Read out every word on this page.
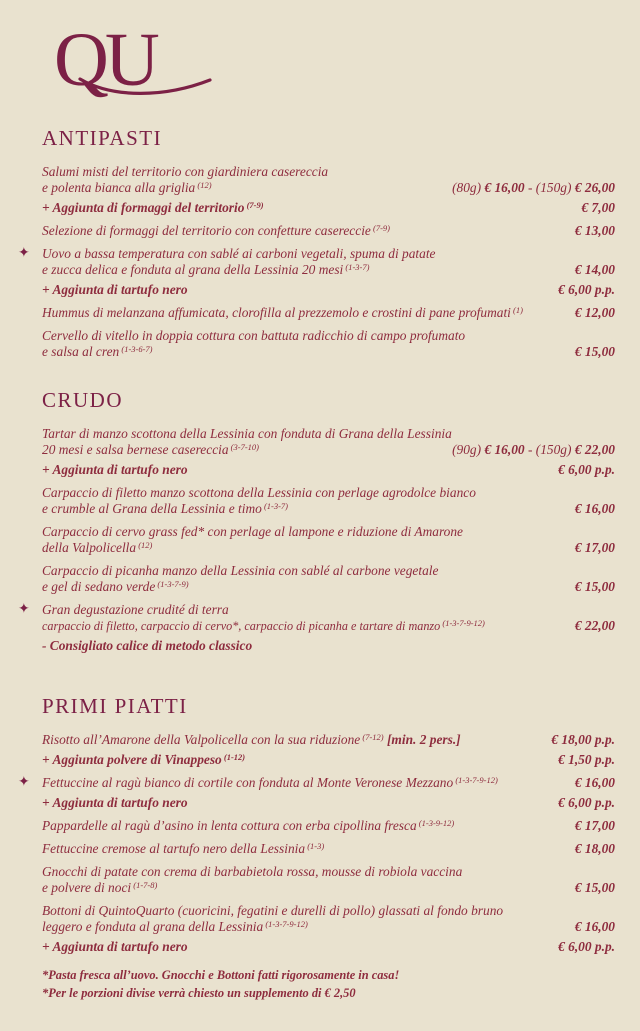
QU
ANTIPASTI
Salumi misti del territorio con giardiniera casereccia
e polenta bianca alla griglia $^{(12)}$	(80g) € 16,00 - (150g) € 26,00
+ Aggiunta di formaggi del territorio $^{(7-9)}$	€ 7,00
Selezione di formaggi del territorio con confetture casereccie $^{(7-9)}$	€ 13,00
✦ Uovo a bassa temperatura con sablé ai carboni vegetali, spuma di patate
e zucca delica e fonduta al grana della Lessinia 20 mesi $^{(1-3-7)}$	€ 14,00
+ Aggiunta di tartufo nero	€ 6,00 p.p.
Hummus di melanzana affumicata, clorofilla al prezzemolo e crostini di pane profumati $^{(1)}$	€ 12,00
Cervello di vitello in doppia cottura con battuta radicchio di campo profumato
e salsa al cren $^{(1-3-6-7)}$	€ 15,00
CRUDO
Tartar di manzo scottona della Lessinia con fonduta di Grana della Lessinia
20 mesi e salsa bernese casereccia $^{(3-7-10)}$	(90g) € 16,00 - (150g) € 22,00
+ Aggiunta di tartufo nero	€ 6,00 p.p.
Carpaccio di filetto manzo scottona della Lessinia con perlage agrodolce bianco
e crumble al Grana della Lessinia e timo $^{(1-3-7)}$	€ 16,00
Carpaccio di cervo grass fed* con perlage al lampone e riduzione di Amarone
della Valpolicella $^{(12)}$	€ 17,00
Carpaccio di picanha manzo della Lessinia con sablé al carbone vegetale
e gel di sedano verde $^{(1-3-7-9)}$	€ 15,00
✦ Gran degustazione crudité di terra
carpaccio di filetto, carpaccio di cervo*, carpaccio di picanha e tartare di manzo $^{(1-3-7-9-12)}$	€ 22,00
- Consigliato calice di metodo classico
PRIMI PIATTI
Risotto all’Amarone della Valpolicella con la sua riduzione $^{(7-12)}$ [min. 2 pers.]	€ 18,00 p.p.
+ Aggiunta polvere di Vinappeso $^{(1-12)}$	€ 1,50 p.p.
✦ Fettuccine al ragù bianco di cortile con fonduta al Monte Veronese Mezzano $^{(1-3-7-9-12)}$	€ 16,00
+ Aggiunta di tartufo nero	€ 6,00 p.p.
Pappardelle al ragù d’asino in lenta cottura con erba cipollina fresca $^{(1-3-9-12)}$	€ 17,00
Fettuccine cremose al tartufo nero della Lessinia $^{(1-3)}$	€ 18,00
Gnocchi di patate con crema di barbabietola rossa, mousse di robiola vaccina
e polvere di noci $^{(1-7-8)}$	€ 15,00
Bottoni di QuintoQuarto (cuoricini, fegatini e durelli di pollo) glassati al fondo bruno
leggero e fonduta al grana della Lessinia $^{(1-3-7-9-12)}$	€ 16,00
+ Aggiunta di tartufo nero	€ 6,00 p.p.
*Pasta fresca all’uovo. Gnocchi e Bottoni fatti rigorosamente in casa!
*Per le porzioni divise verrà chiesto un supplemento di € 2,50
